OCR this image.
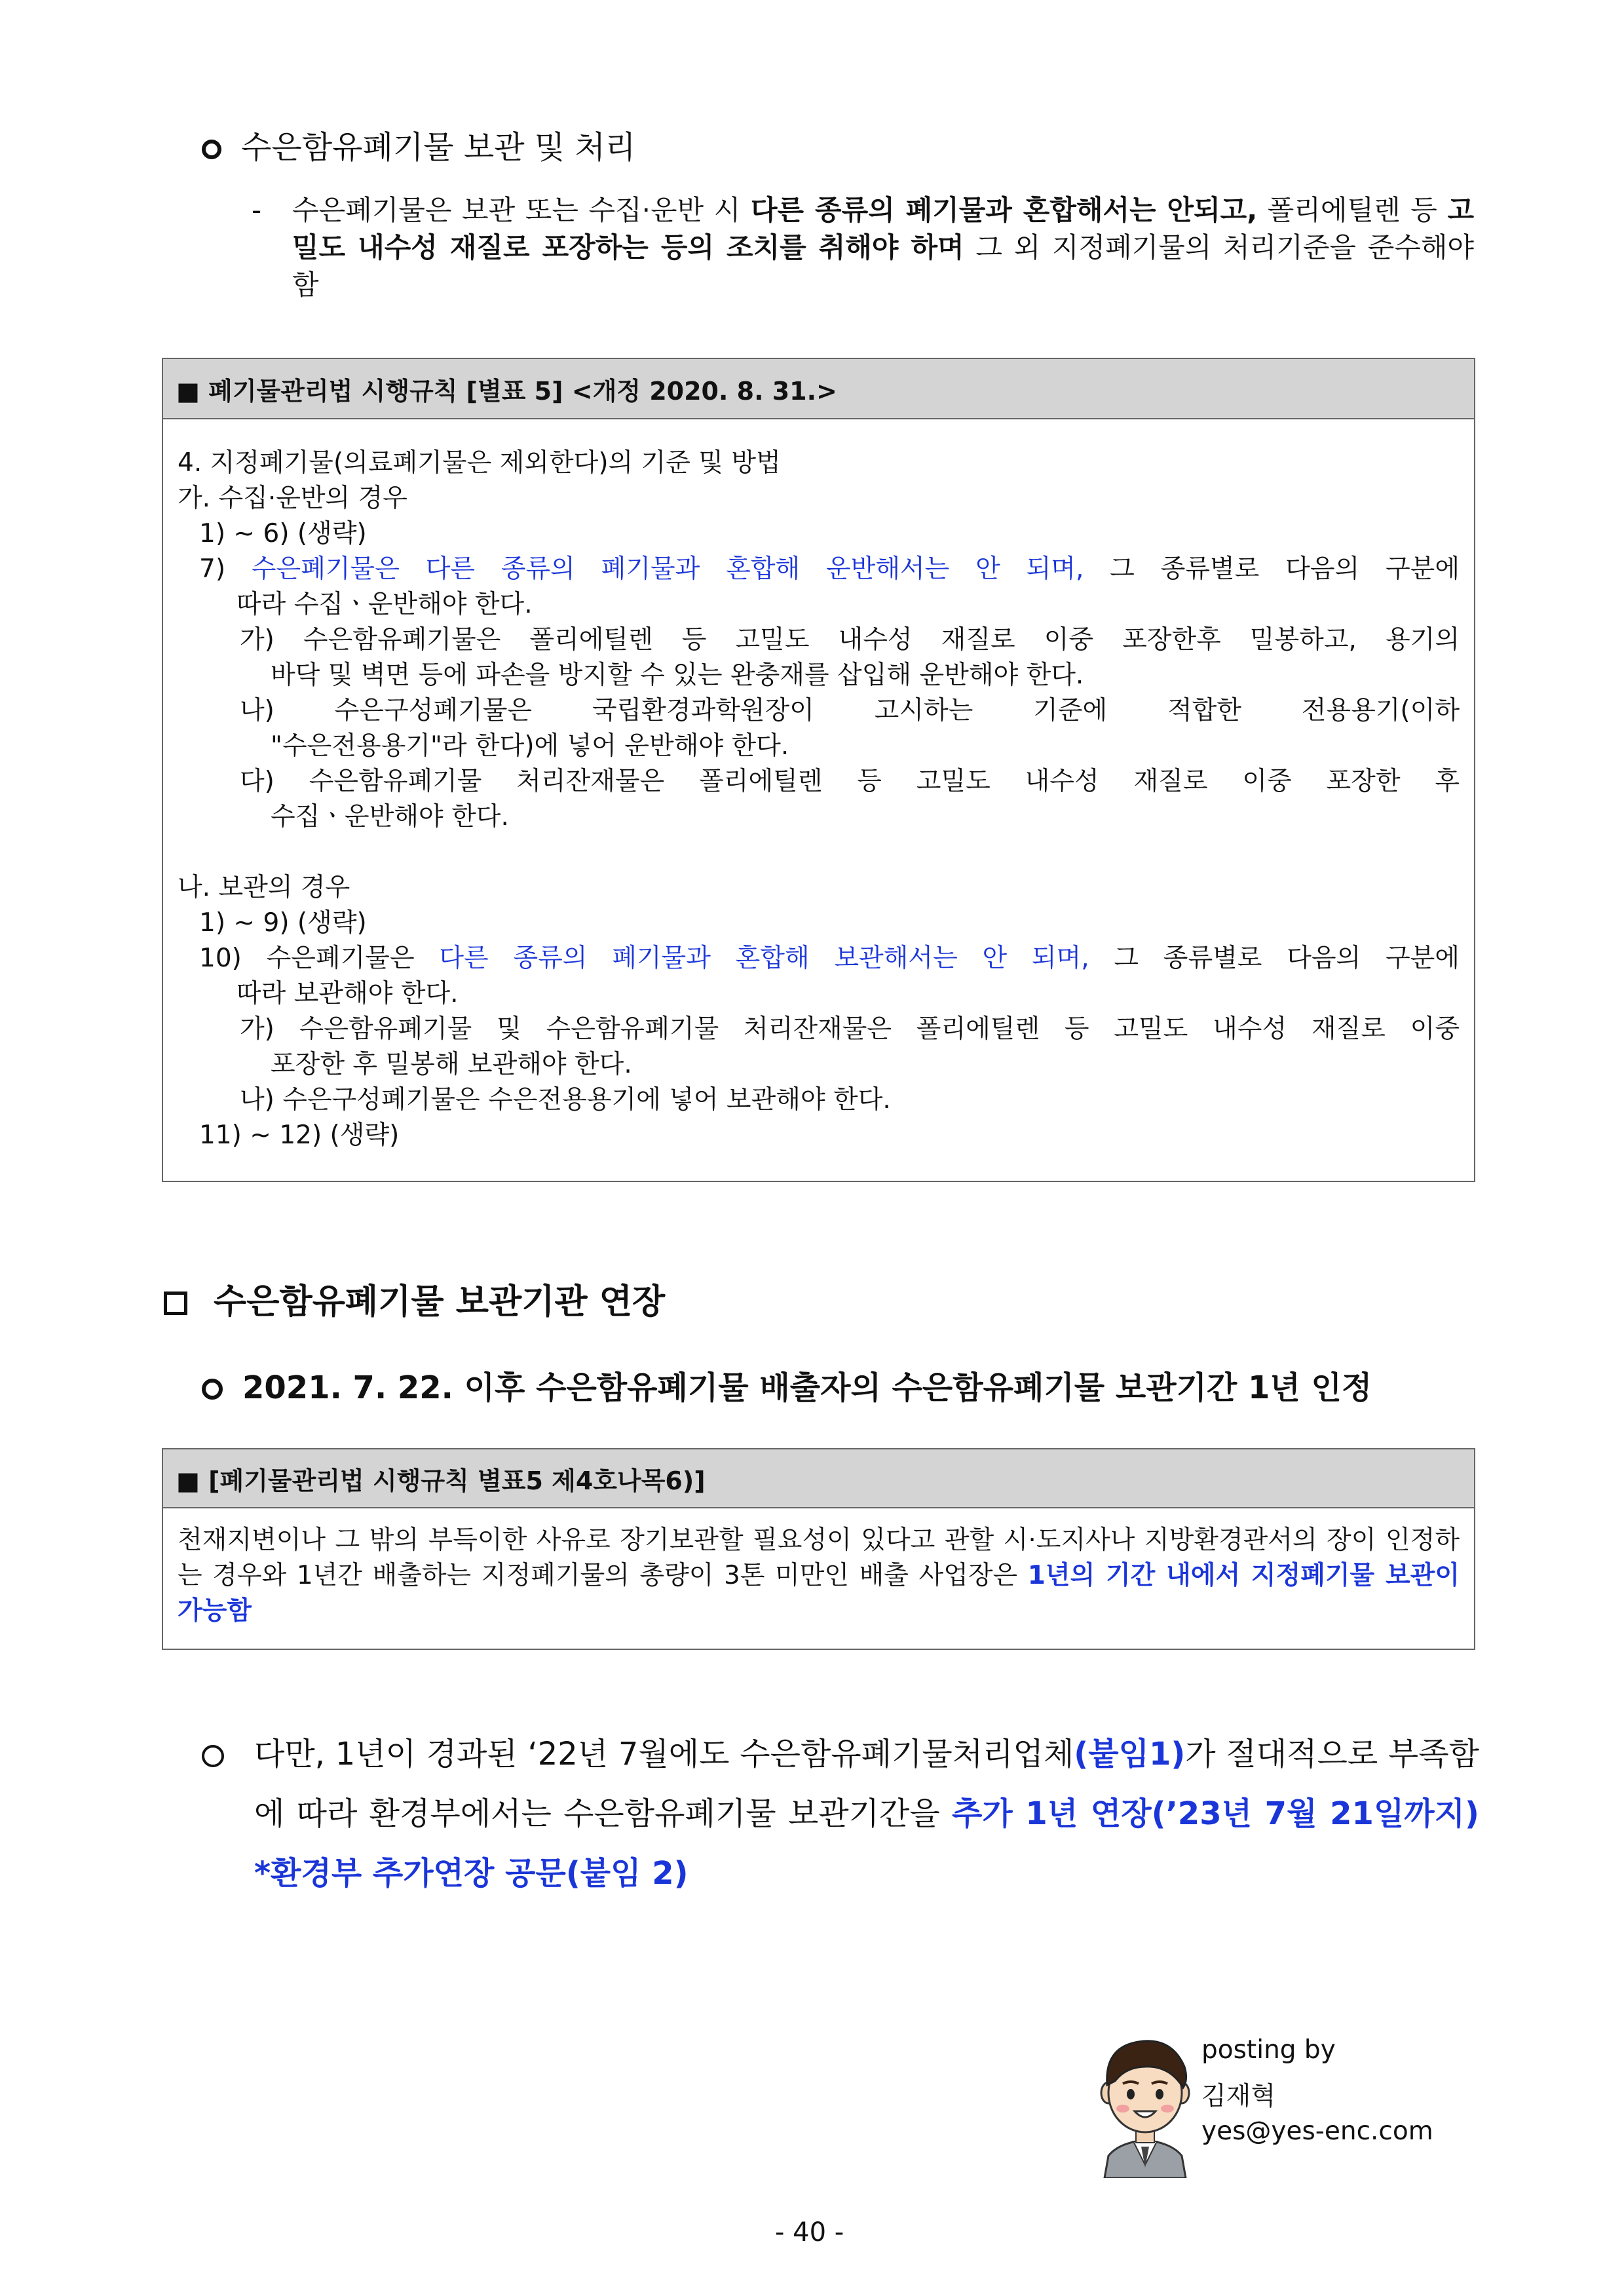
수은함유폐기물 보관 및 처리
- 수은폐기물은 보관 또는 수집·운반 시 다른 종류의 폐기물과 혼합해서는 안되고, 폴리에틸렌 등 고밀도 내수성 재질로 포장하는 등의 조치를 취해야 하며 그 외 지정폐기물의 처리기준을 준수해야 함
■ 폐기물관리법 시행규칙 [별표 5] <개정 2020. 8. 31.>
4. 지정폐기물(의료폐기물은 제외한다)의 기준 및 방법
가. 수집·운반의 경우
1) ~ 6) (생략)
7) 수은폐기물은 다른 종류의 폐기물과 혼합해 운반해서는 안 되며, 그 종류별로 다음의 구분에
따라 수집ㆍ운반해야 한다.
가) 수은함유폐기물은 폴리에틸렌 등 고밀도 내수성 재질로 이중 포장한후 밀봉하고, 용기의
바닥 및 벽면 등에 파손을 방지할 수 있는 완충재를 삽입해 운반해야 한다.
나) 수은구성폐기물은 국립환경과학원장이 고시하는 기준에 적합한 전용용기(이하
"수은전용용기"라 한다)에 넣어 운반해야 한다.
다) 수은함유폐기물 처리잔재물은 폴리에틸렌 등 고밀도 내수성 재질로 이중 포장한 후
수집ㆍ운반해야 한다.
나. 보관의 경우
1) ~ 9) (생략)
10) 수은폐기물은 다른 종류의 폐기물과 혼합해 보관해서는 안 되며, 그 종류별로 다음의 구분에
따라 보관해야 한다.
가) 수은함유폐기물 및 수은함유폐기물 처리잔재물은 폴리에틸렌 등 고밀도 내수성 재질로 이중
포장한 후 밀봉해 보관해야 한다.
나) 수은구성폐기물은 수은전용용기에 넣어 보관해야 한다.
11) ~ 12) (생략)
수은함유폐기물 보관기관 연장
2021. 7. 22. 이후 수은함유폐기물 배출자의 수은함유폐기물 보관기간 1년 인정
■ [폐기물관리법 시행규칙 별표5 제4호나목6)]
천재지변이나 그 밖의 부득이한 사유로 장기보관할 필요성이 있다고 관할 시·도지사나 지방환경관서의 장이 인정하는 경우와 1년간 배출하는 지정폐기물의 총량이 3톤 미만인 배출 사업장은 1년의 기간 내에서 지정폐기물 보관이 가능함
다만, 1년이 경과된 ‘22년 7월에도 수은함유폐기물처리업체(붙임1)가 절대적으로 부족함에 따라 환경부에서는 수은함유폐기물 보관기간을 추가 1년 연장(’23년 7월 21일까지) *환경부 추가연장 공문(붙임 2)
posting by
김재혁
yes@yes-enc.com
- 40 -
